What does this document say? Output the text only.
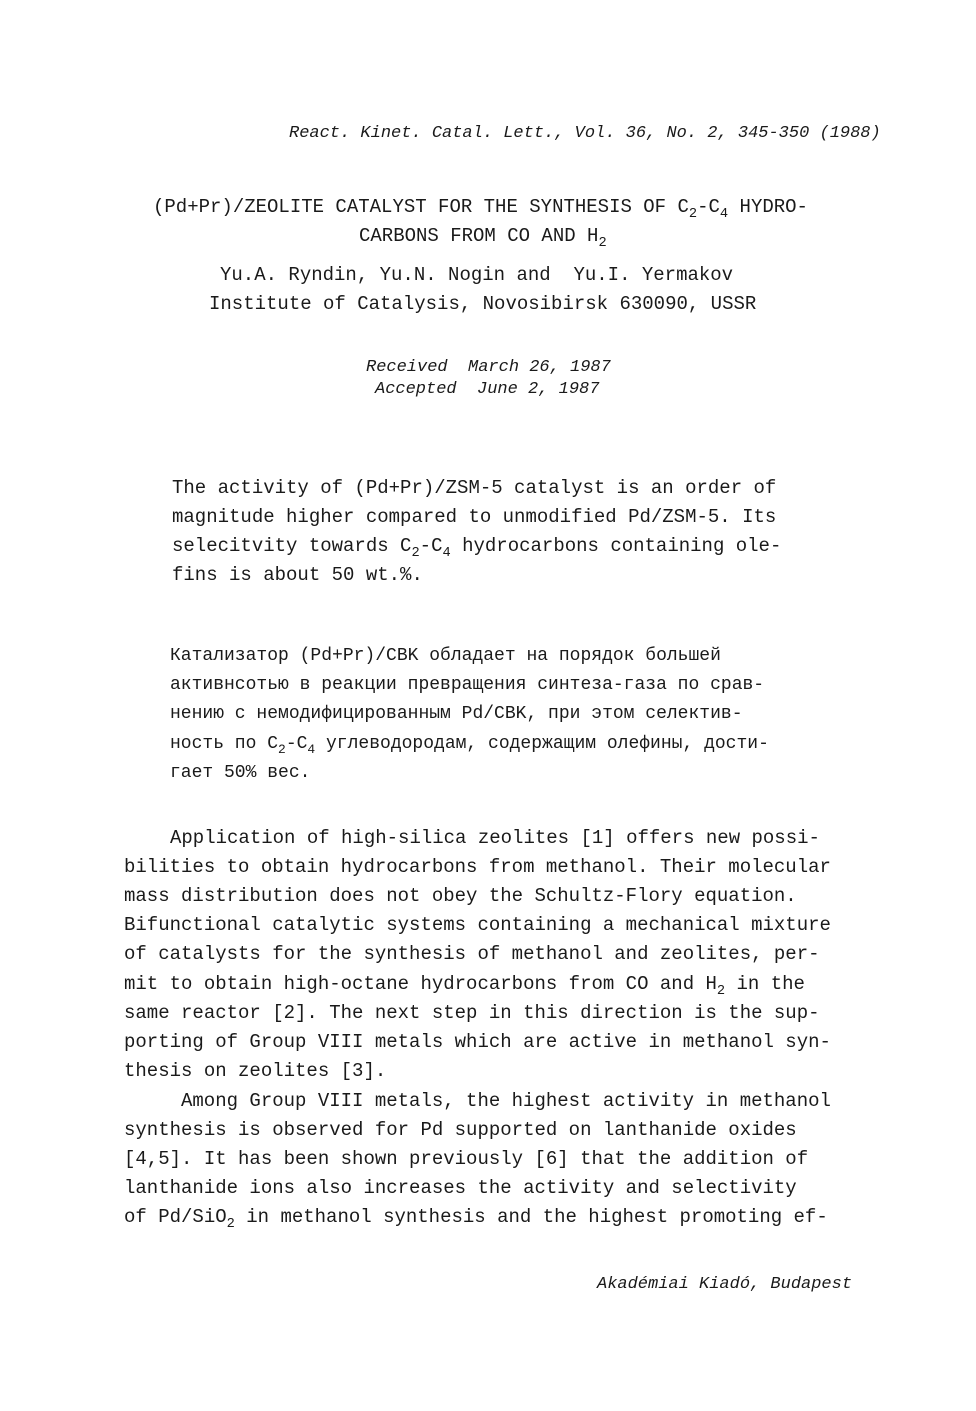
React. Kinet. Catal. Lett., Vol. 36, No. 2, 345-350 (1988)
(Pd+Pr)/ZEOLITE CATALYST FOR THE SYNTHESIS OF $C_2-C_4$ HYDRO-
CARBONS FROM CO AND $H_2$
Yu.A. Ryndin, Yu.N. Nogin and  Yu.I. Yermakov
Institute of Catalysis, Novosibirsk 630090, USSR
Received  March 26, 1987
Accepted  June 2, 1987
The activity of (Pd+Pr)/ZSM-5 catalyst is an order of
magnitude higher compared to unmodified Pd/ZSM-5. Its
selecitvity towards $C_2-C_4$ hydrocarbons containing ole-
fins is about 50 wt.%.
Катализатор (Pd+Pr)/CBK обладает на порядок большей
активнсотью в реакции превращения синтеза-газа по срав-
нению с немодифицированным Pd/CBK, при этом селектив-
ность по $C_2-C_4$ углеводородам, содержащим олефины, дости-
гает 50% вес.
Application of high-silica zeolites [1] offers new possi-
bilities to obtain hydrocarbons from methanol. Their molecular
mass distribution does not obey the Schultz-Flory equation.
Bifunctional catalytic systems containing a mechanical mixture
of catalysts for the synthesis of methanol and zeolites, per-
mit to obtain high-octane hydrocarbons from CO and $H_2$ in the
same reactor [2]. The next step in this direction is the sup-
porting of Group VIII metals which are active in methanol syn-
thesis on zeolites [3].
Among Group VIII metals, the highest activity in methanol
synthesis is observed for Pd supported on lanthanide oxides
[4,5]. It has been shown previously [6] that the addition of
lanthanide ions also increases the activity and selectivity
of Pd/SiO$_2$ in methanol synthesis and the highest promoting ef-
Akadémiai Kiadó, Budapest
